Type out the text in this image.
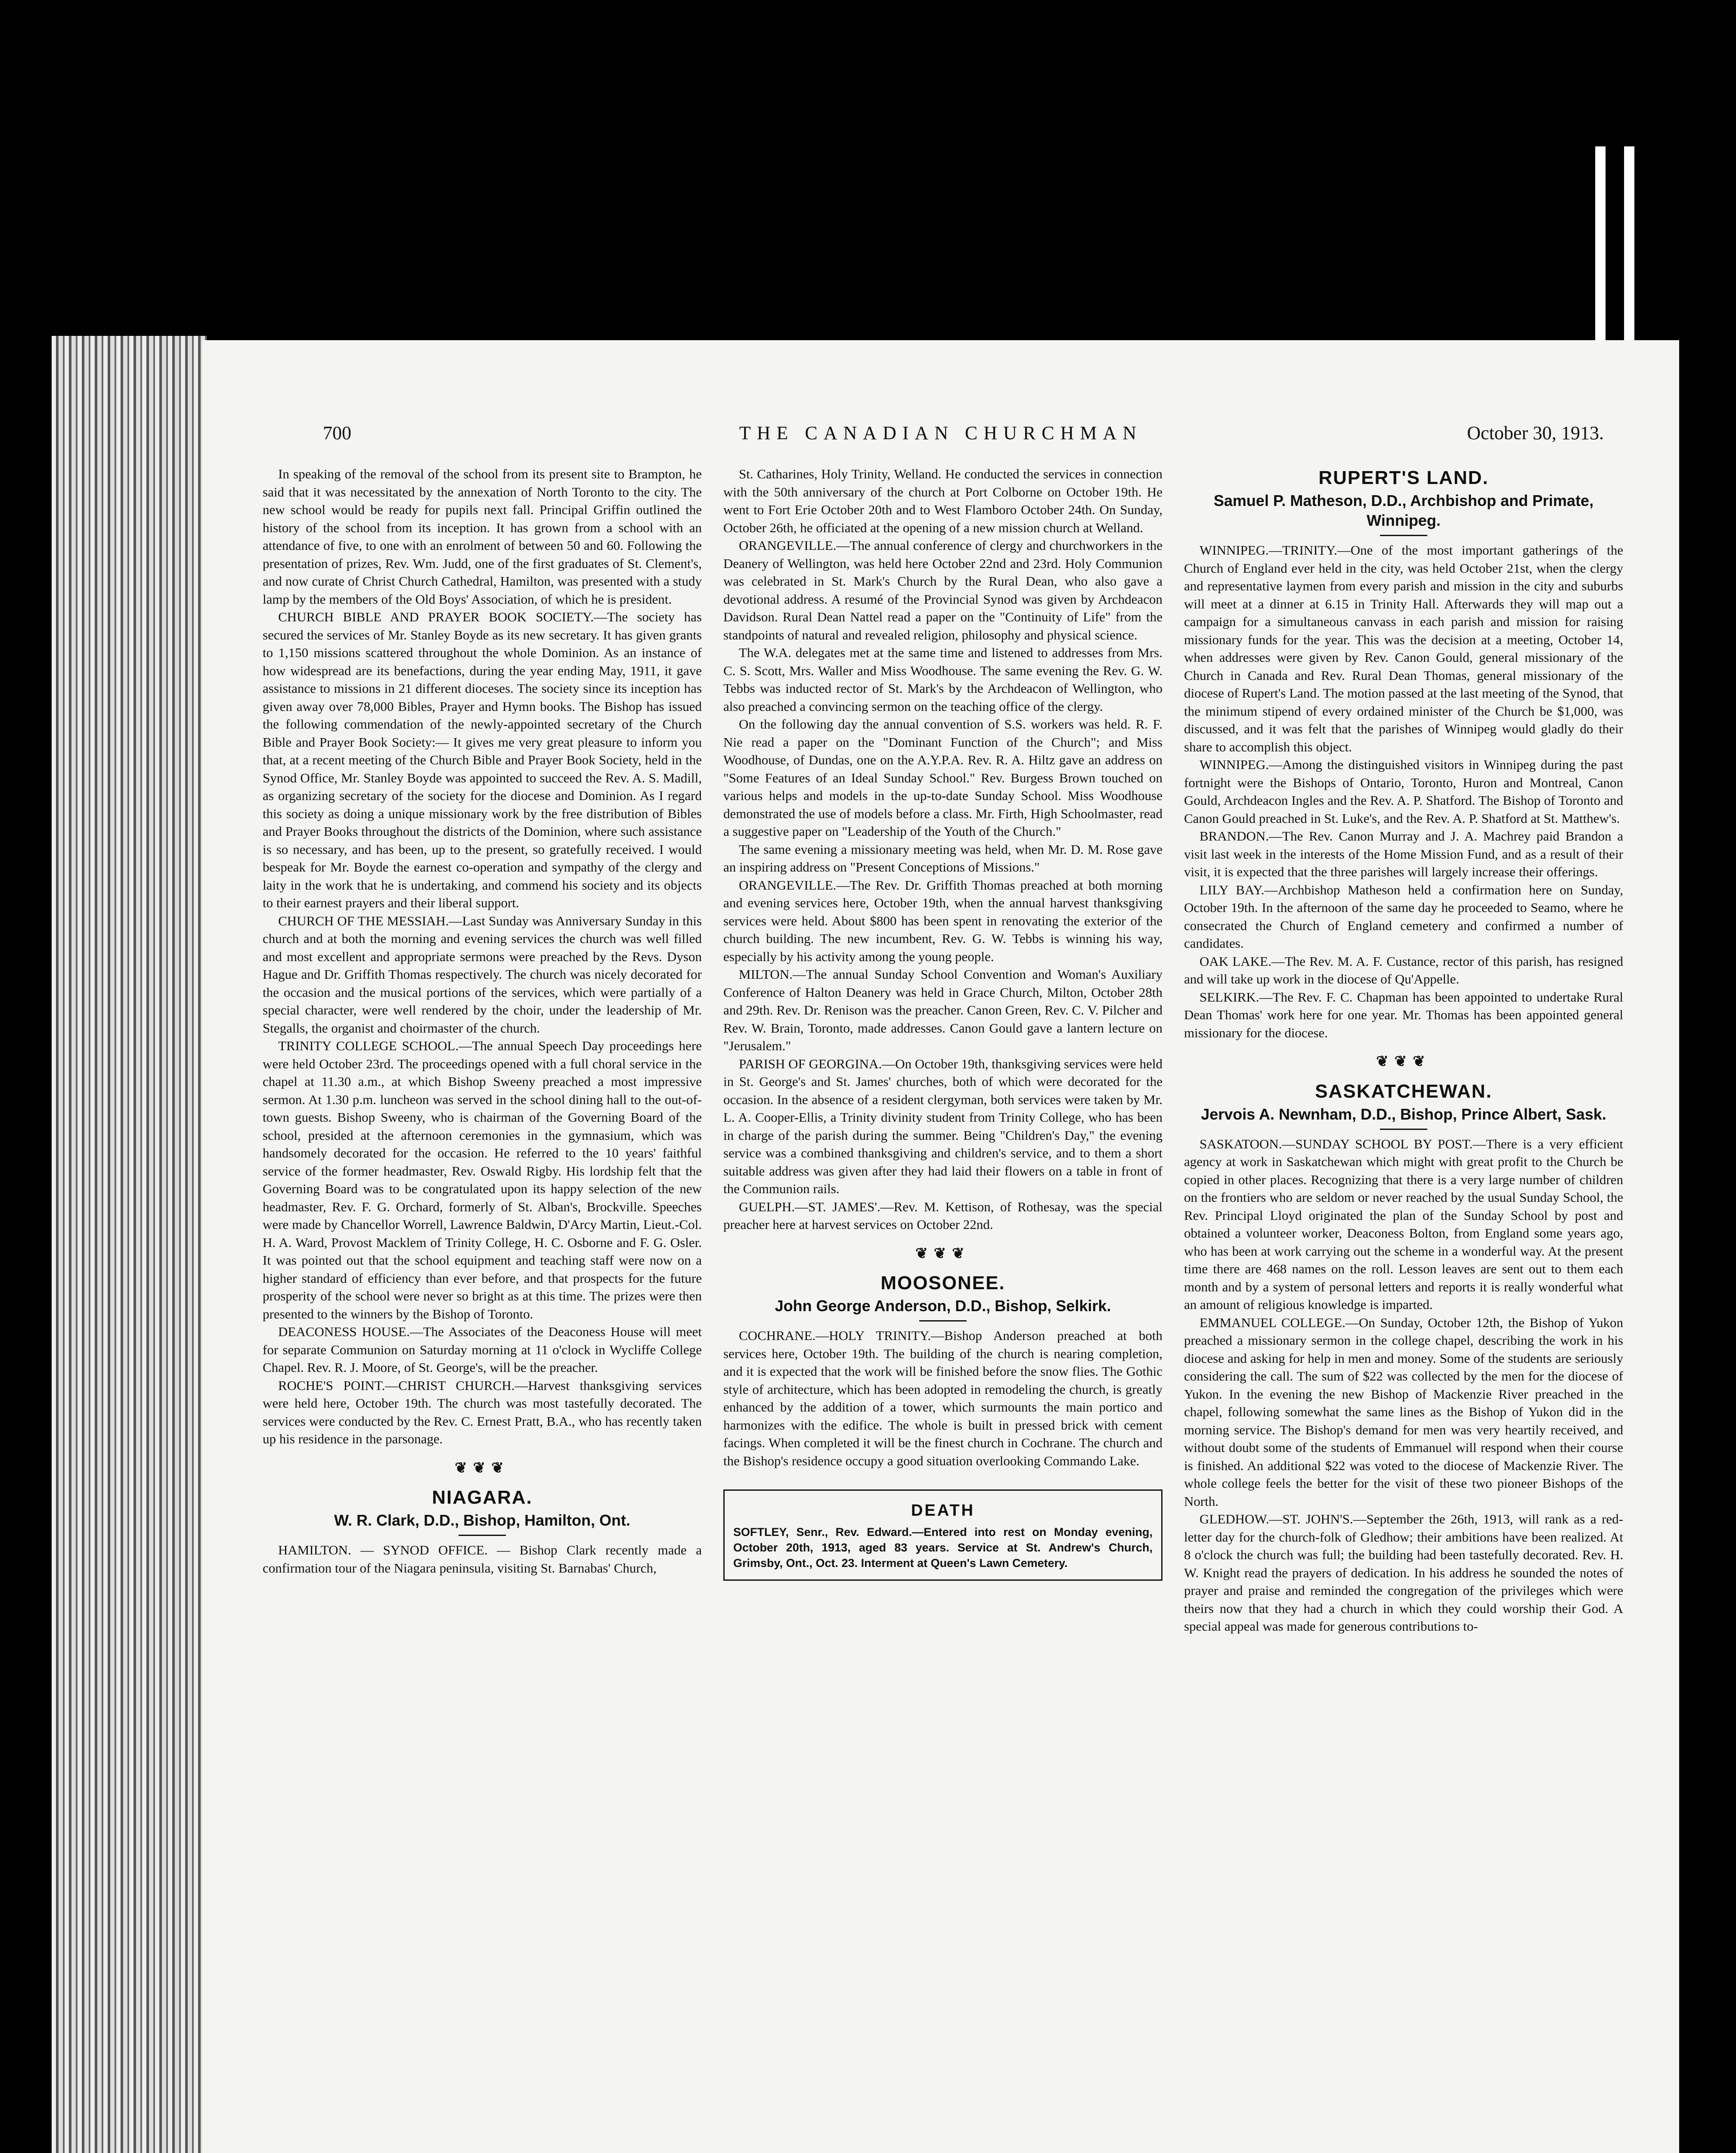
700	THE CANADIAN CHURCHMAN	October 30, 1913.

In speaking of the removal of the school from its present site to Brampton, he said that it was necessitated by the annexation of North Toronto to the city. The new school would be ready for pupils next fall. Principal Griffin outlined the history of the school from its inception. It has grown from a school with an attendance of five, to one with an enrolment of between 50 and 60. Following the presentation of prizes, Rev. Wm. Judd, one of the first graduates of St. Clement's, and now curate of Christ Church Cathedral, Hamilton, was presented with a study lamp by the members of the Old Boys' Association, of which he is president.

CHURCH BIBLE AND PRAYER BOOK SOCIETY.—The society has secured the services of Mr. Stanley Boyde as its new secretary. It has given grants to 1,150 missions scattered throughout the whole Dominion. As an instance of how widespread are its benefactions, during the year ending May, 1911, it gave assistance to missions in 21 different dioceses. The society since its inception has given away over 78,000 Bibles, Prayer and Hymn books. The Bishop has issued the following commendation of the newly-appointed secretary of the Church Bible and Prayer Book Society:— It gives me very great pleasure to inform you that, at a recent meeting of the Church Bible and Prayer Book Society, held in the Synod Office, Mr. Stanley Boyde was appointed to succeed the Rev. A. S. Madill, as organizing secretary of the society for the diocese and Dominion. As I regard this society as doing a unique missionary work by the free distribution of Bibles and Prayer Books throughout the districts of the Dominion, where such assistance is so necessary, and has been, up to the present, so gratefully received. I would bespeak for Mr. Boyde the earnest co-operation and sympathy of the clergy and laity in the work that he is undertaking, and commend his society and its objects to their earnest prayers and their liberal support.

CHURCH OF THE MESSIAH.—Last Sunday was Anniversary Sunday in this church and at both the morning and evening services the church was well filled and most excellent and appropriate sermons were preached by the Revs. Dyson Hague and Dr. Griffith Thomas respectively. The church was nicely decorated for the occasion and the musical portions of the services, which were partially of a special character, were well rendered by the choir, under the leadership of Mr. Stegalls, the organist and choirmaster of the church.

TRINITY COLLEGE SCHOOL.—The annual Speech Day proceedings here were held October 23rd. The proceedings opened with a full choral service in the chapel at 11.30 a.m., at which Bishop Sweeny preached a most impressive sermon. At 1.30 p.m. luncheon was served in the school dining hall to the out-of-town guests. Bishop Sweeny, who is chairman of the Governing Board of the school, presided at the afternoon ceremonies in the gymnasium, which was handsomely decorated for the occasion. He referred to the 10 years' faithful service of the former headmaster, Rev. Oswald Rigby. His lordship felt that the Governing Board was to be congratulated upon its happy selection of the new headmaster, Rev. F. G. Orchard, formerly of St. Alban's, Brockville. Speeches were made by Chancellor Worrell, Lawrence Baldwin, D'Arcy Martin, Lieut.-Col. H. A. Ward, Provost Macklem of Trinity College, H. C. Osborne and F. G. Osler. It was pointed out that the school equipment and teaching staff were now on a higher standard of efficiency than ever before, and that prospects for the future prosperity of the school were never so bright as at this time. The prizes were then presented to the winners by the Bishop of Toronto.

DEACONESS HOUSE.—The Associates of the Deaconess House will meet for separate Communion on Saturday morning at 11 o'clock in Wycliffe College Chapel. Rev. R. J. Moore, of St. George's, will be the preacher.

ROCHE'S POINT.—CHRIST CHURCH.—Harvest thanksgiving services were held here, October 19th. The church was most tastefully decorated. The services were conducted by the Rev. C. Ernest Pratt, B.A., who has recently taken up his residence in the parsonage.

❦❦❦
NIAGARA.
W. R. Clark, D.D., Bishop, Hamilton, Ont.

HAMILTON. — SYNOD OFFICE. — Bishop Clark recently made a confirmation tour of the Niagara peninsula, visiting St. Barnabas' Church,

St. Catharines, Holy Trinity, Welland. He conducted the services in connection with the 50th anniversary of the church at Port Colborne on October 19th. He went to Fort Erie October 20th and to West Flamboro October 24th. On Sunday, October 26th, he officiated at the opening of a new mission church at Welland.

ORANGEVILLE.—The annual conference of clergy and churchworkers in the Deanery of Wellington, was held here October 22nd and 23rd. Holy Communion was celebrated in St. Mark's Church by the Rural Dean, who also gave a devotional address. A resumé of the Provincial Synod was given by Archdeacon Davidson. Rural Dean Nattel read a paper on the "Continuity of Life" from the standpoints of natural and revealed religion, philosophy and physical science.

The W.A. delegates met at the same time and listened to addresses from Mrs. C. S. Scott, Mrs. Waller and Miss Woodhouse. The same evening the Rev. G. W. Tebbs was inducted rector of St. Mark's by the Archdeacon of Wellington, who also preached a convincing sermon on the teaching office of the clergy.

On the following day the annual convention of S.S. workers was held. R. F. Nie read a paper on the "Dominant Function of the Church"; and Miss Woodhouse, of Dundas, one on the A.Y.P.A. Rev. R. A. Hiltz gave an address on "Some Features of an Ideal Sunday School." Rev. Burgess Brown touched on various helps and models in the up-to-date Sunday School. Miss Woodhouse demonstrated the use of models before a class. Mr. Firth, High Schoolmaster, read a suggestive paper on "Leadership of the Youth of the Church."

The same evening a missionary meeting was held, when Mr. D. M. Rose gave an inspiring address on "Present Conceptions of Missions."

ORANGEVILLE.—The Rev. Dr. Griffith Thomas preached at both morning and evening services here, October 19th, when the annual harvest thanksgiving services were held. About $800 has been spent in renovating the exterior of the church building. The new incumbent, Rev. G. W. Tebbs is winning his way, especially by his activity among the young people.

MILTON.—The annual Sunday School Convention and Woman's Auxiliary Conference of Halton Deanery was held in Grace Church, Milton, October 28th and 29th. Rev. Dr. Renison was the preacher. Canon Green, Rev. C. V. Pilcher and Rev. W. Brain, Toronto, made addresses. Canon Gould gave a lantern lecture on "Jerusalem."

PARISH OF GEORGINA.—On October 19th, thanksgiving services were held in St. George's and St. James' churches, both of which were decorated for the occasion. In the absence of a resident clergyman, both services were taken by Mr. L. A. Cooper-Ellis, a Trinity divinity student from Trinity College, who has been in charge of the parish during the summer. Being "Children's Day," the evening service was a combined thanksgiving and children's service, and to them a short suitable address was given after they had laid their flowers on a table in front of the Communion rails.

GUELPH.—ST. JAMES'.—Rev. M. Kettison, of Rothesay, was the special preacher here at harvest services on October 22nd.

❦❦❦
MOOSONEE.
John George Anderson, D.D., Bishop, Selkirk.

COCHRANE.—HOLY TRINITY.—Bishop Anderson preached at both services here, October 19th. The building of the church is nearing completion, and it is expected that the work will be finished before the snow flies. The Gothic style of architecture, which has been adopted in remodeling the church, is greatly enhanced by the addition of a tower, which surmounts the main portico and harmonizes with the edifice. The whole is built in pressed brick with cement facings. When completed it will be the finest church in Cochrane. The church and the Bishop's residence occupy a good situation overlooking Commando Lake.

DEATH
SOFTLEY, Senr., Rev. Edward.—Entered into rest on Monday evening, October 20th, 1913, aged 83 years. Service at St. Andrew's Church, Grimsby, Ont., Oct. 23. Interment at Queen's Lawn Cemetery.
RUPERT'S LAND.
Samuel P. Matheson, D.D., Archbishop and Primate, Winnipeg.

WINNIPEG.—TRINITY.—One of the most important gatherings of the Church of England ever held in the city, was held October 21st, when the clergy and representative laymen from every parish and mission in the city and suburbs will meet at a dinner at 6.15 in Trinity Hall. Afterwards they will map out a campaign for a simultaneous canvass in each parish and mission for raising missionary funds for the year. This was the decision at a meeting, October 14, when addresses were given by Rev. Canon Gould, general missionary of the Church in Canada and Rev. Rural Dean Thomas, general missionary of the diocese of Rupert's Land. The motion passed at the last meeting of the Synod, that the minimum stipend of every ordained minister of the Church be $1,000, was discussed, and it was felt that the parishes of Winnipeg would gladly do their share to accomplish this object.

WINNIPEG.—Among the distinguished visitors in Winnipeg during the past fortnight were the Bishops of Ontario, Toronto, Huron and Montreal, Canon Gould, Archdeacon Ingles and the Rev. A. P. Shatford. The Bishop of Toronto and Canon Gould preached in St. Luke's, and the Rev. A. P. Shatford at St. Matthew's.

BRANDON.—The Rev. Canon Murray and J. A. Machrey paid Brandon a visit last week in the interests of the Home Mission Fund, and as a result of their visit, it is expected that the three parishes will largely increase their offerings.

LILY BAY.—Archbishop Matheson held a confirmation here on Sunday, October 19th. In the afternoon of the same day he proceeded to Seamo, where he consecrated the Church of England cemetery and confirmed a number of candidates.

OAK LAKE.—The Rev. M. A. F. Custance, rector of this parish, has resigned and will take up work in the diocese of Qu'Appelle.

SELKIRK.—The Rev. F. C. Chapman has been appointed to undertake Rural Dean Thomas' work here for one year. Mr. Thomas has been appointed general missionary for the diocese.

❦❦❦
SASKATCHEWAN.
Jervois A. Newnham, D.D., Bishop, Prince Albert, Sask.

SASKATOON.—SUNDAY SCHOOL BY POST.—There is a very efficient agency at work in Saskatchewan which might with great profit to the Church be copied in other places. Recognizing that there is a very large number of children on the frontiers who are seldom or never reached by the usual Sunday School, the Rev. Principal Lloyd originated the plan of the Sunday School by post and obtained a volunteer worker, Deaconess Bolton, from England some years ago, who has been at work carrying out the scheme in a wonderful way. At the present time there are 468 names on the roll. Lesson leaves are sent out to them each month and by a system of personal letters and reports it is really wonderful what an amount of religious knowledge is imparted.

EMMANUEL COLLEGE.—On Sunday, October 12th, the Bishop of Yukon preached a missionary sermon in the college chapel, describing the work in his diocese and asking for help in men and money. Some of the students are seriously considering the call. The sum of $22 was collected by the men for the diocese of Yukon. In the evening the new Bishop of Mackenzie River preached in the chapel, following somewhat the same lines as the Bishop of Yukon did in the morning service. The Bishop's demand for men was very heartily received, and without doubt some of the students of Emmanuel will respond when their course is finished. An additional $22 was voted to the diocese of Mackenzie River. The whole college feels the better for the visit of these two pioneer Bishops of the North.

GLEDHOW.—ST. JOHN'S.—September the 26th, 1913, will rank as a red-letter day for the church-folk of Gledhow; their ambitions have been realized. At 8 o'clock the church was full; the building had been tastefully decorated. Rev. H. W. Knight read the prayers of dedication. In his address he sounded the notes of prayer and praise and reminded the congregation of the privileges which were theirs now that they had a church in which they could worship their God. A special appeal was made for generous contributions to-
